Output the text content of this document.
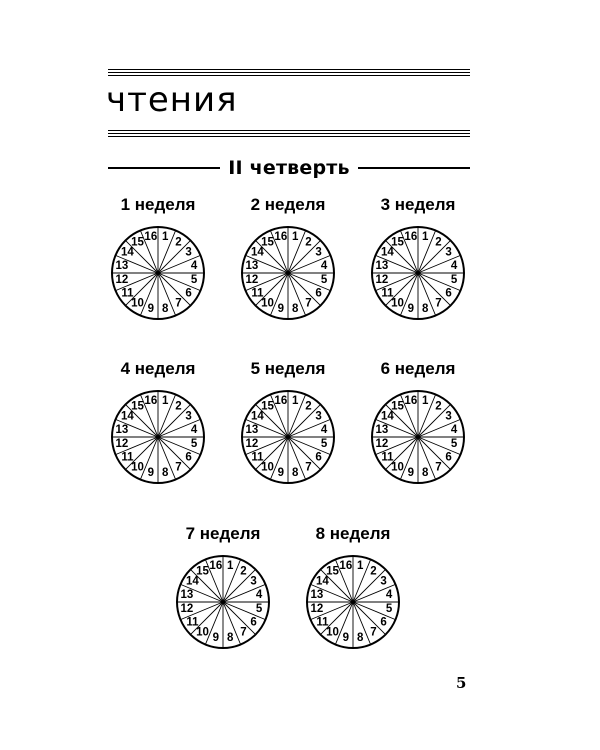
чтения
II четверть
1 неделя
1 2
3
4
5
6
7
8
9
10
11
12
13
14
15 16
2 неделя
1 2
3
4
5
6
7
8
9
10
11
12
13
14
15 16
3 неделя
1 2
3
4
5
6
7
8
9
10
11
12
13
14
15 16
4 неделя
1 2
3
4
5
6
7
8
9
10
11
12
13
14
15 16
5 неделя
1 2
3
4
5
6
7
8
9
10
11
12
13
14
15 16
6 неделя
1 2
3
4
5
6
7
8
9
10
11
12
13
14
15 16
7 неделя
1 2
3
4
5
6
7
8
9
10
11
12
13
14
15 16
8 неделя
1 2
3
4
5
6
7
8
9
10
11
12
13
14
15 16
5
